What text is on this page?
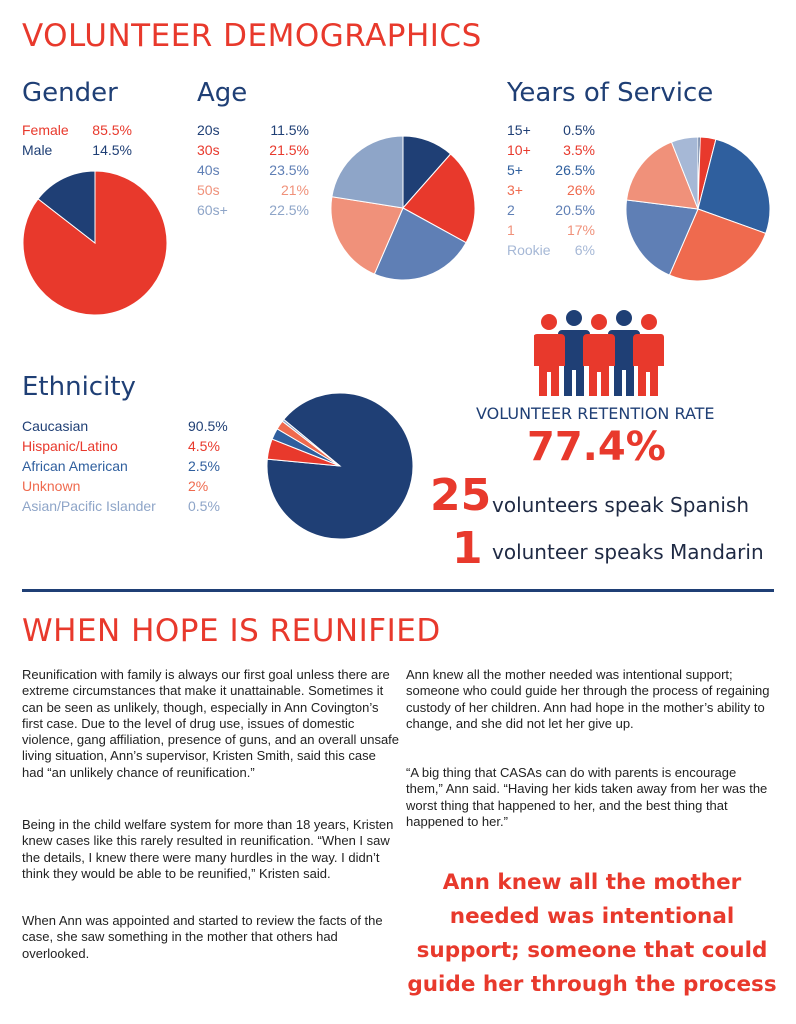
VOLUNTEER DEMOGRAPHICS
Gender
Female 85.5%
Male	14.5%
Age
20s	11.5%
30s	21.5%
40s	23.5%
50s	21%
60s+	22.5%
Years of Service
15+ 0.5%
10+ 3.5%
5+ 26.5%
3+	26%
2	20.5%
1	17%
Rookie 6%
Ethnicity
Caucasian	90.5%
Hispanic/Latino	4.5%
African American	2.5%
Unknown	2%
Asian/Pacific Islander 0.5%
VOLUNTEER RETENTION RATE
77.4%
25 volunteers speak Spanish
1 volunteer speaks Mandarin
WHEN HOPE IS REUNIFIED

Reunification with family is always our first goal unless there are extreme circumstances that make it unattainable. Sometimes it can be seen as unlikely, though, especially in Ann Covington’s first case. Due to the level of drug use, issues of domestic violence, gang affiliation, presence of guns, and an overall unsafe living situation, Ann’s supervisor, Kristen Smith, said this case had “an unlikely chance of reunification.”

Being in the child welfare system for more than 18 years, Kristen knew cases like this rarely resulted in reunification. “When I saw the details, I knew there were many hurdles in the way. I didn’t think they would be able to be reunified,” Kristen said.

When Ann was appointed and started to review the facts of the case, she saw something in the mother that others had overlooked.

Ann knew all the mother needed was intentional support; someone who could guide her through the process of regaining custody of her children. Ann had hope in the mother’s ability to change, and she did not let her give up.

“A big thing that CASAs can do with parents is encourage them,” Ann said. “Having her kids taken away from her was the worst thing that happened to her, and the best thing that happened to her.”

Ann knew all the mother needed was intentional support; someone that could guide her through the process
